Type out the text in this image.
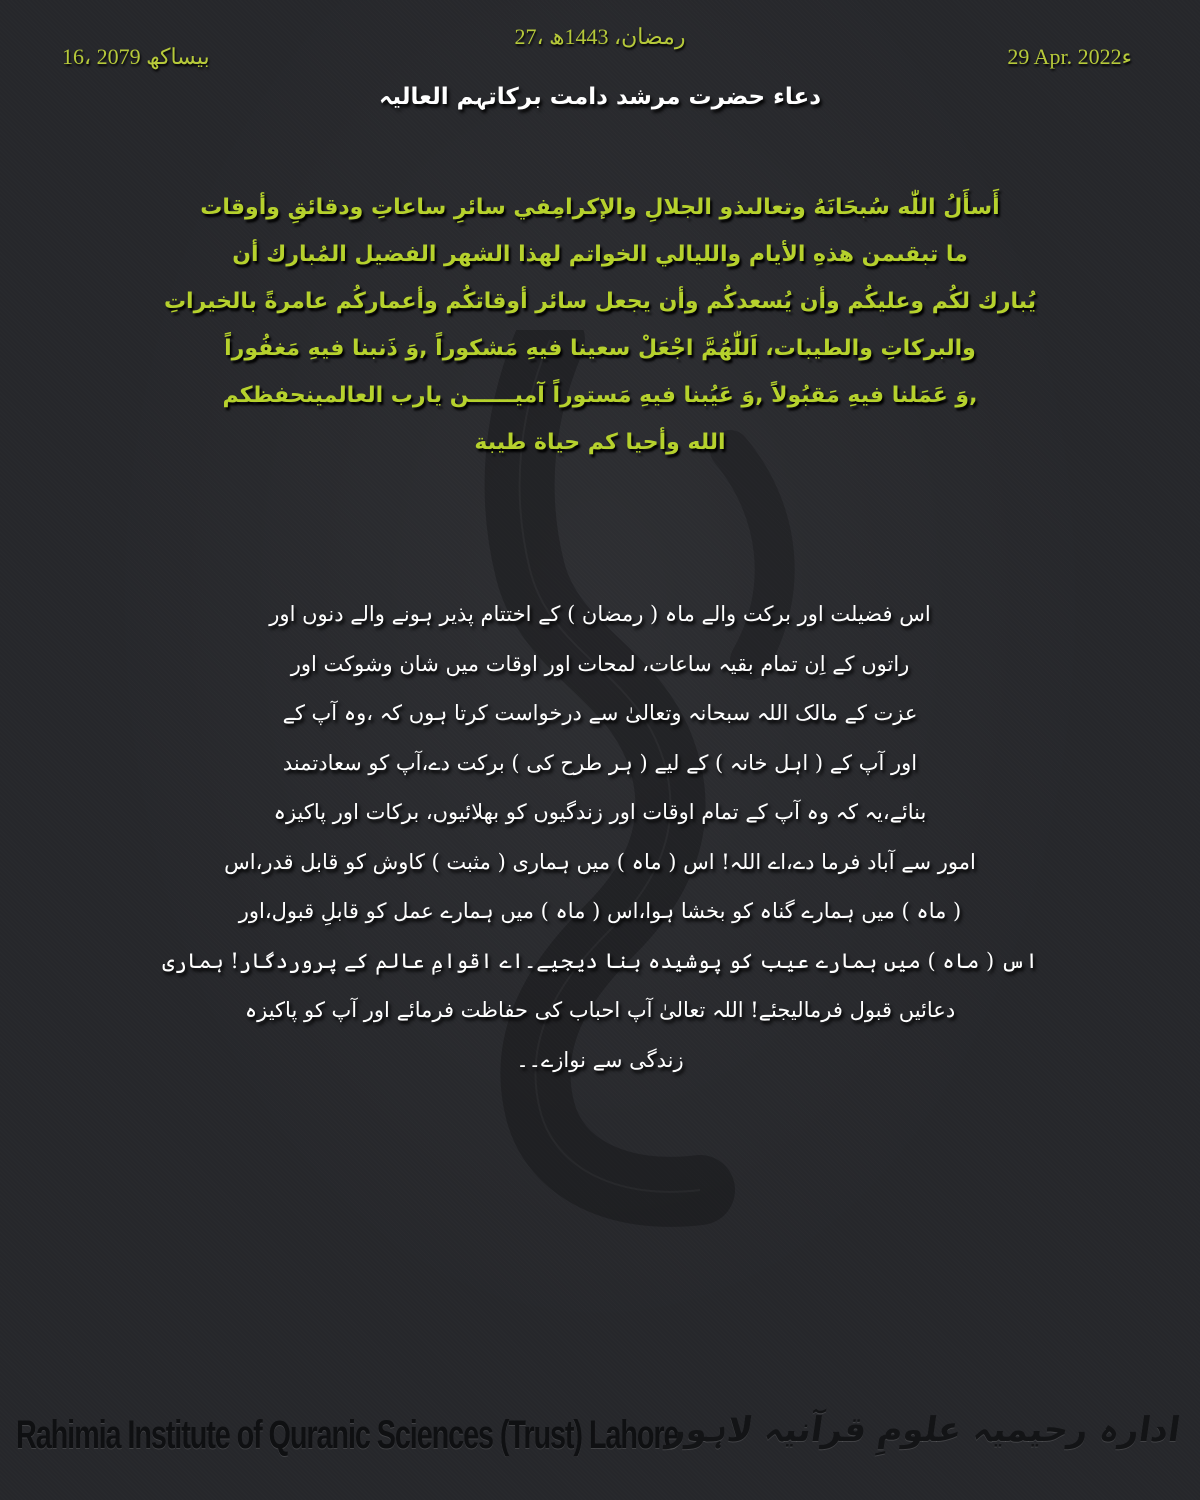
16، بیساکھ 2079
27، رمضان، 1443ھ
29 Apr. 2022ء
دعاء حضرت مرشد دامت برکاتہم العالیہ
أَسأَلُ اللّٰه سُبحَانَهُ وتعالىذو الجلالِ والإكرامِفي سائرِ ساعاتِ ودقائقِ وأوقات
ما تبقىمن هذهِ الأيام والليالي الخواتم لهذا الشهر الفضيل المُبارك أن
يُبارك لكُم وعليكُم وأن يُسعدكُم وأن يجعل سائر أوقاتكُم وأعماركُم عامرةً بالخيراتِ
والبركاتِ والطيبات، اَللّٰهُمَّ اجْعَلْ سعينا فيهِ مَشكوراً ,وَ ذَنبنا فيهِ مَغفُوراً
,وَ عَمَلنا فيهِ مَقبُولاً ,وَ عَيُبنا فيهِ مَستوراً آميــــــن يارب العالمينحفظكم
الله وأحيا كم حياة طيبة
اس فضیلت اور برکت والے ماہ ( رمضان ) کے اختتام پذیر ہونے والے دنوں اور
راتوں کے اِن تمام بقیہ ساعات، لمحات اور اوقات میں شان وشوکت اور
عزت کے مالک اللہ سبحانہ وتعالیٰ سے درخواست کرتا ہوں کہ ،وہ آپ کے
اور آپ کے ( اہل خانہ ) کے لیے ( ہر طرح کی ) برکت دے،آپ کو سعادتمند
بنائے،یہ کہ وہ آپ کے تمام اوقات اور زندگیوں کو بھلائیوں، برکات اور پاکیزہ
امور سے آباد فرما دے،اے اللہ! اس ( ماہ ) میں ہماری ( مثبت ) کاوش کو قابل قدر،اس
( ماہ ) میں ہمارے گناہ کو بخشا ہوا،اس ( ماہ ) میں ہمارے عمل کو قابلِ قبول،اور
اس ( ماہ ) میں ہمارے عیب کو پوشیدہ بنا دیجیے۔اے اقوامِ عالم کے پروردگار! ہماری
دعائیں قبول فرمالیجئے! اللہ تعالیٰ آپ احباب کی حفاظت فرمائے اور آپ کو پاکیزہ
زندگی سے نوازے۔۔
Rahimia Institute of Quranic Sciences (Trust) Lahore
ادارہ رحیمیہ علومِ قرآنیہ لاہور
